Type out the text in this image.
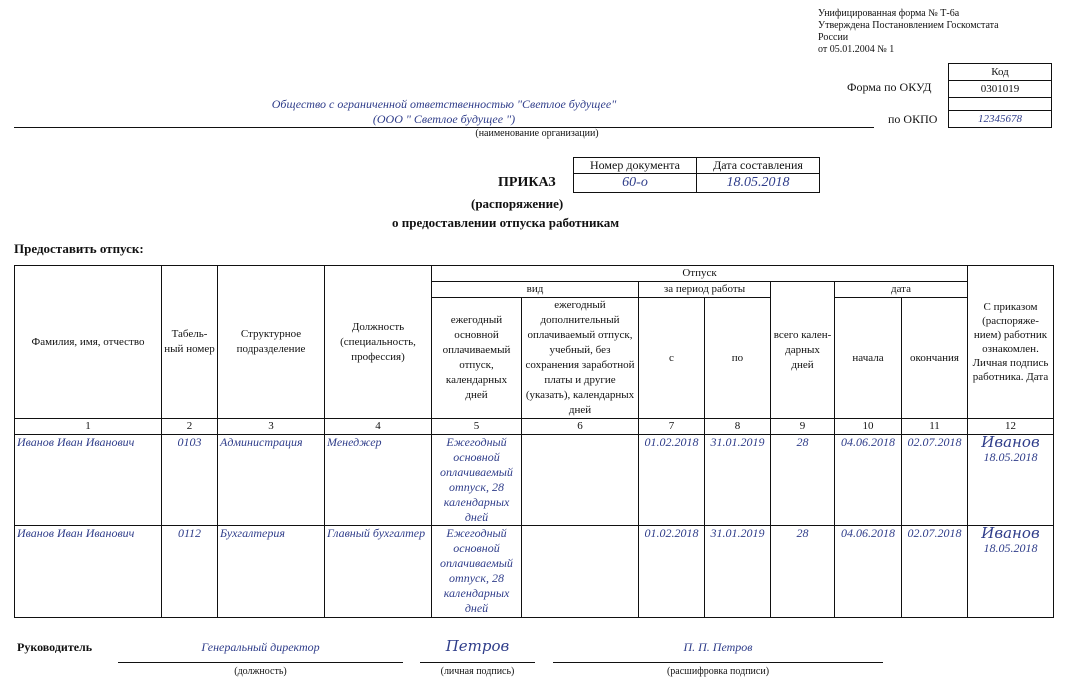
Унифицированная форма № Т-6а
Утверждена Постановлением Госкомстата
России
от 05.01.2004 № 1
Форма по ОКУД
по ОКПО
Код
0301019

12345678
Общество с ограниченной ответственностью "Светлое будущее"
(ООО " Светлое будущее ")
(наименование организации)
Номер документа	Дата составления
60-о	18.05.2018
ПРИКАЗ
(распоряжение)
о предоставлении отпуска работникам
Предоставить отпуск:
Фамилия, имя, отчество	Табель-ный номер	Структурное подразделение	Должность (специальность, профессия)	Отпуск							С приказом (распоряже-нием) работник ознакомлен. Личная подпись работника. Дата
				вид		за период работы		всего кален-дарных дней	дата		
				ежегодный основной оплачиваемый отпуск, календарных дней	ежегодный дополнительный оплачиваемый отпуск, учебный, без сохранения заработной платы и другие (указать), календарных дней	с	по		начала	окончания	
1	2	3	4	5	6	7	8	9	10	11	12
Иванов Иван Иванович	0103	Администрация	Менеджер	Ежегодный основной оплачиваемый отпуск, 28 календарных дней		01.02.2018	31.01.2019	28	04.06.2018	02.07.2018	Иванов
18.05.2018

Иванов Иван Иванович	0112	Бухгалтерия	Главный бухгалтер	Ежегодный основной оплачиваемый отпуск, 28 календарных дней		01.02.2018	31.01.2019	28	04.06.2018	02.07.2018	Иванов
18.05.2018
Руководитель	Генеральный директор
(должность)
Петров
(личная подпись)
П. П. Петров
(расшифровка подписи)
